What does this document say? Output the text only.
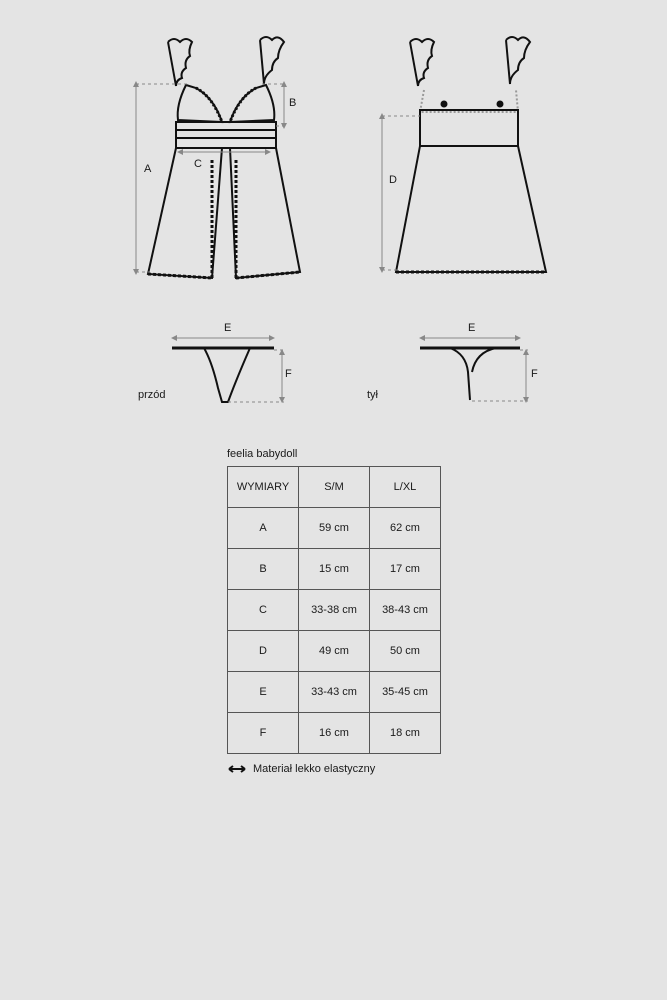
A
B
C
D
E
F
E
F
przód	tył
feelia babydoll
WYMIARY	S/M	L/XL
A	59 cm	62 cm
B	15 cm	17 cm
C	33-38 cm	38-43 cm
D	49 cm	50 cm
E	33-43 cm	35-45 cm
F	16 cm	18 cm
Materiał lekko elastyczny
